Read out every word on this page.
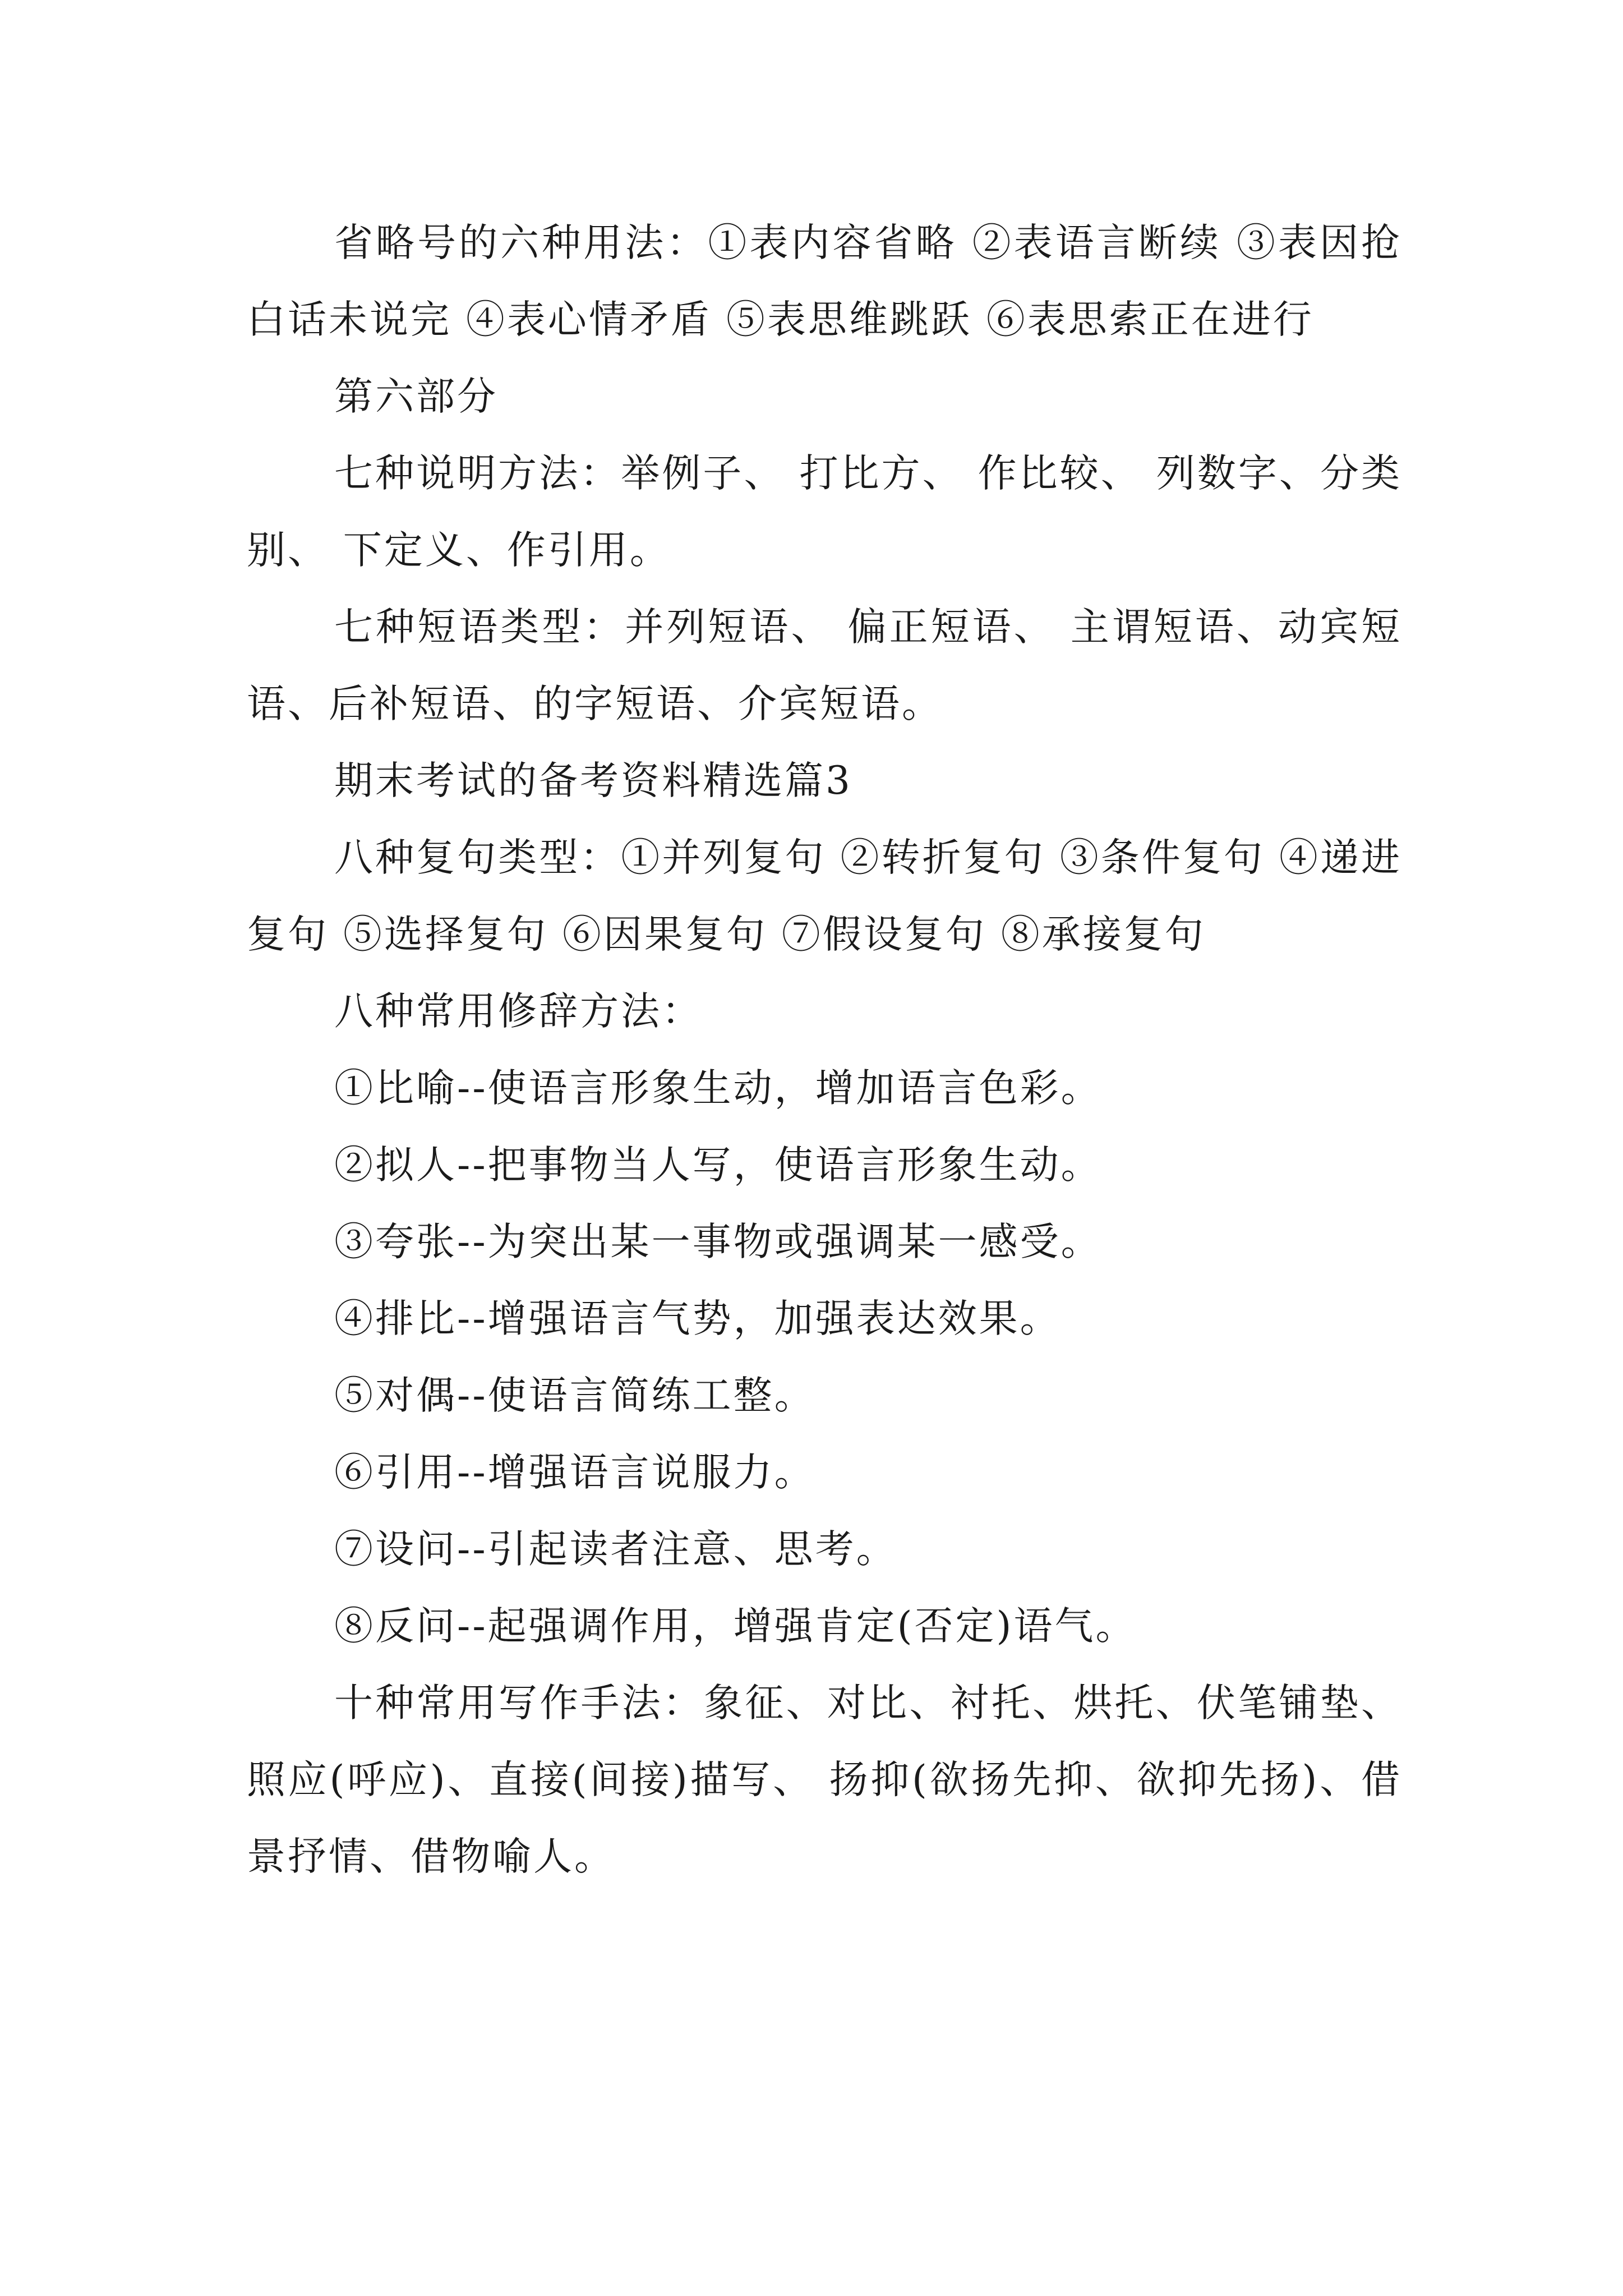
省略号的六种用法：①表内容省略 ②表语言断续 ③表因抢白话未说完 ④表心情矛盾 ⑤表思维跳跃 ⑥表思索正在进行

第六部分

七种说明方法：举例子、 打比方、 作比较、 列数字、分类别、 下定义、作引用。

七种短语类型：并列短语、 偏正短语、 主谓短语、动宾短语、后补短语、的字短语、介宾短语。

期末考试的备考资料精选篇3

八种复句类型：①并列复句 ②转折复句 ③条件复句 ④递进复句 ⑤选择复句 ⑥因果复句 ⑦假设复句 ⑧承接复句

八种常用修辞方法：

①比喻--使语言形象生动，增加语言色彩。

②拟人--把事物当人写，使语言形象生动。

③夸张--为突出某一事物或强调某一感受。

④排比--增强语言气势，加强表达效果。

⑤对偶--使语言简练工整。

⑥引用--增强语言说服力。

⑦设问--引起读者注意、思考。

⑧反问--起强调作用，增强肯定(否定)语气。

十种常用写作手法：象征、对比、衬托、烘托、伏笔铺垫、照应(呼应)、直接(间接)描写、 扬抑(欲扬先抑、欲抑先扬)、借景抒情、借物喻人。
